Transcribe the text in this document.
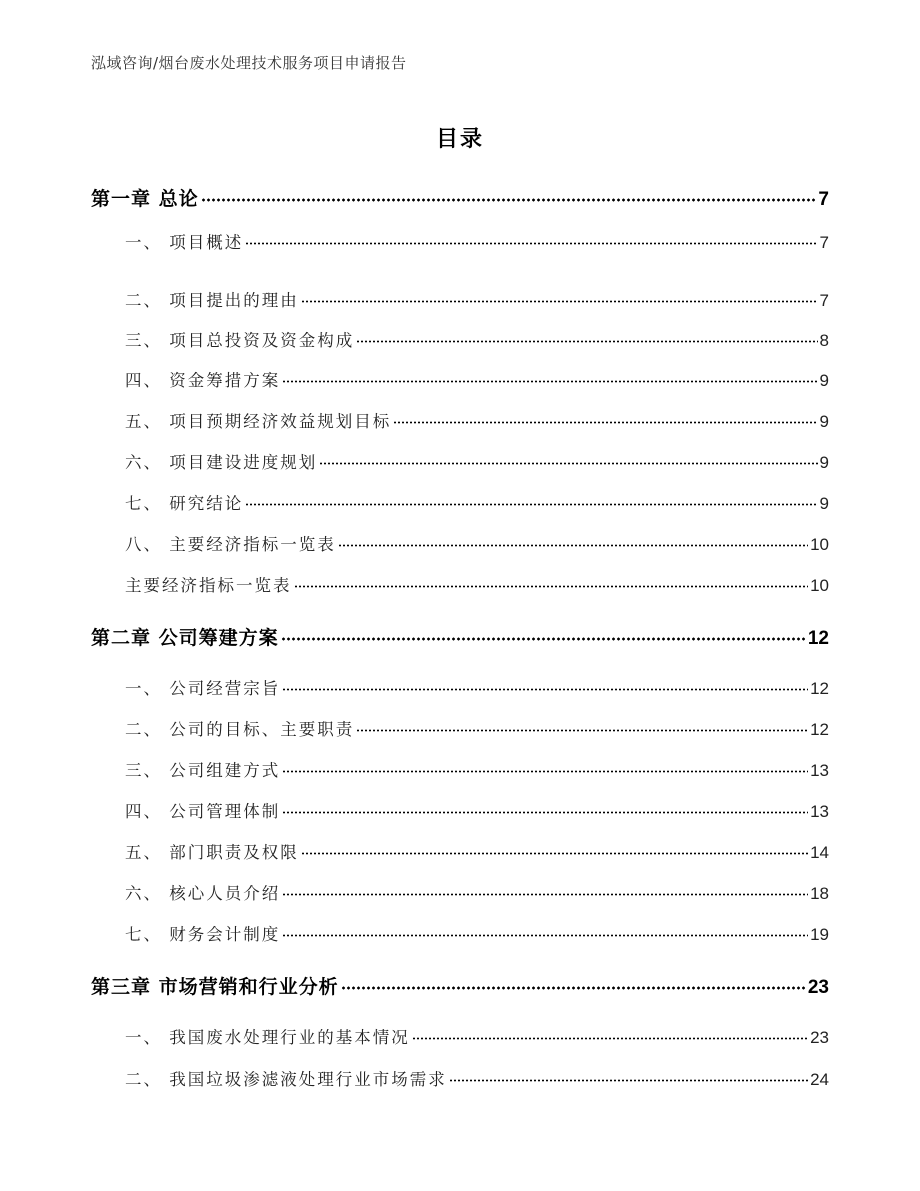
泓域咨询/烟台废水处理技术服务项目申请报告
目录
第一章 总论	7
一、 项目概述	7
二、 项目提出的理由	7
三、 项目总投资及资金构成	8
四、 资金筹措方案	9
五、 项目预期经济效益规划目标	9
六、 项目建设进度规划	9
七、 研究结论	9
八、 主要经济指标一览表	10
主要经济指标一览表	10
第二章 公司筹建方案	12
一、 公司经营宗旨	12
二、 公司的目标、主要职责	12
三、 公司组建方式	13
四、 公司管理体制	13
五、 部门职责及权限	14
六、 核心人员介绍	18
七、 财务会计制度	19
第三章 市场营销和行业分析	23
一、 我国废水处理行业的基本情况	23
二、 我国垃圾渗滤液处理行业市场需求	24
